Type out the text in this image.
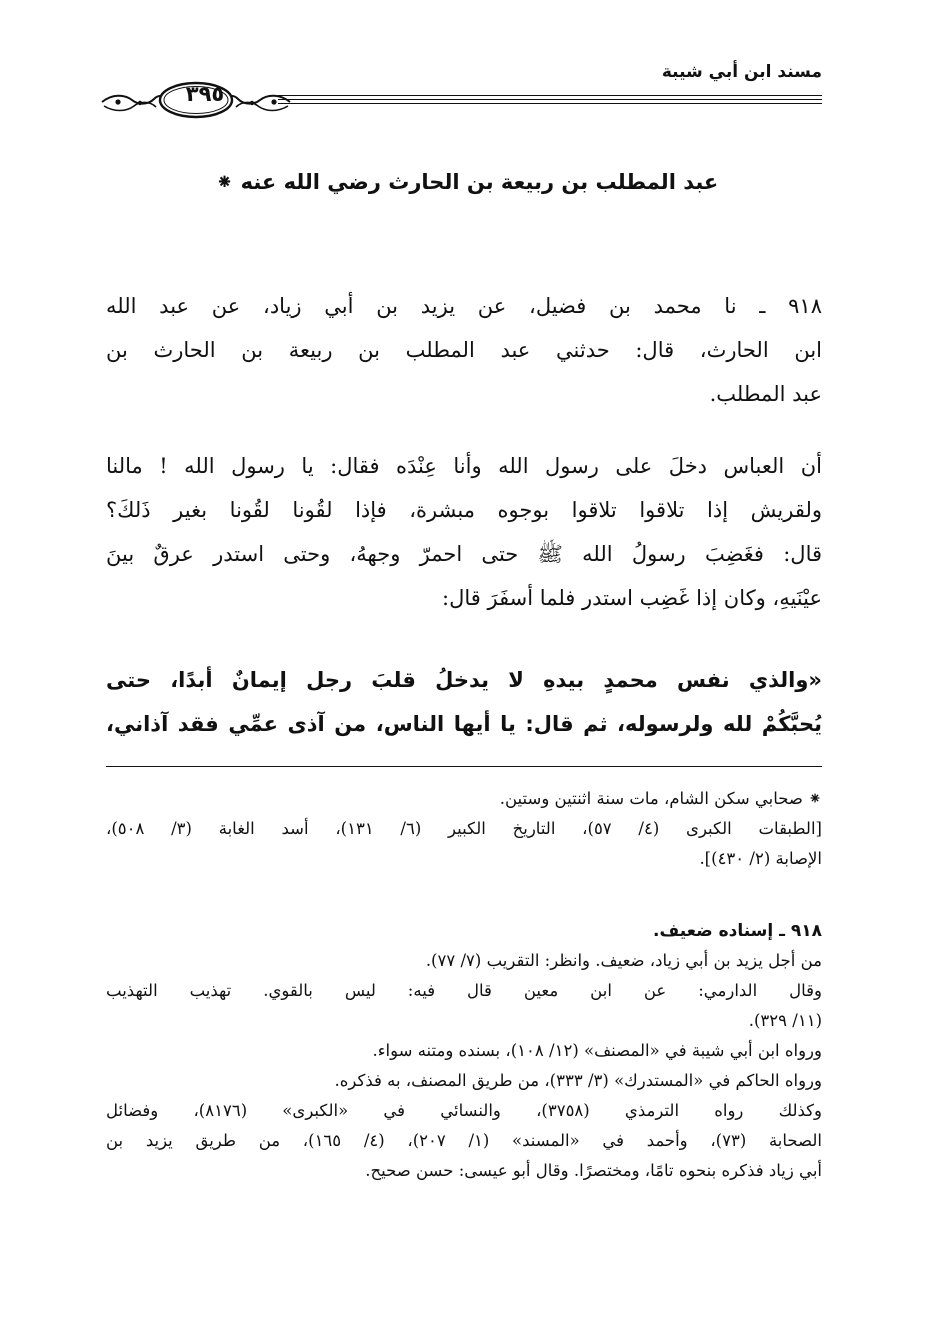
مسند ابن أبي شيبة
٣٩٥
عبد المطلب بن ربيعة بن الحارث رضي الله عنه ⁕
٩١٨ ـ نا محمد بن فضيل، عن يزيد بن أبي زياد، عن عبد الله
ابن الحارث، قال: حدثني عبد المطلب بن ربيعة بن الحارث بن
عبد المطلب.
أن العباس دخلَ على رسول الله وأنا عِنْدَه فقال: يا رسول الله ! مالنا
ولقريش إذا تلاقوا تلاقوا بوجوه مبشرة، فإذا لقُونا لقُونا بغير ذَلكَ؟
قال: فغَضِبَ رسولُ الله ﷺ حتى احمرّ وجههُ، وحتى استدر عرقٌ بينَ
عيْنَيهِ، وكان إذا غَضِب استدر فلما أسفَرَ قال:
«والذي نفس محمدٍ بيدهِ لا يدخلُ قلبَ رجل إيمانٌ أبدًا، حتى
يُحبَّكُمْ لله ولرسوله، ثم قال: يا أيها الناس، من آذى عمِّي فقد آذاني،
⁕ صحابي سكن الشام، مات سنة اثنتين وستين.
[الطبقات الكبرى (٤/ ٥٧)، التاريخ الكبير (٦/ ١٣١)، أسد الغابة (٣/ ٥٠٨)،
الإصابة (٢/ ٤٣٠)].
٩١٨ ـ إسناده ضعيف.
من أجل يزيد بن أبي زياد، ضعيف. وانظر: التقريب (٧/ ٧٧).
وقال الدارمي: عن ابن معين قال فيه: ليس بالقوي. تهذيب التهذيب
(١١/ ٣٢٩).
ورواه ابن أبي شيبة في «المصنف» (١٢/ ١٠٨)، بسنده ومتنه سواء.
ورواه الحاكم في «المستدرك» (٣/ ٣٣٣)، من طريق المصنف، به فذكره.
وكذلك رواه الترمذي (٣٧٥٨)، والنسائي في «الكبرى» (٨١٧٦)، وفضائل
الصحابة (٧٣)، وأحمد في «المسند» (١/ ٢٠٧)، (٤/ ١٦٥)، من طريق يزيد بن
أبي زياد فذكره بنحوه تامًا، ومختصرًا. وقال أبو عيسى: حسن صحيح.
